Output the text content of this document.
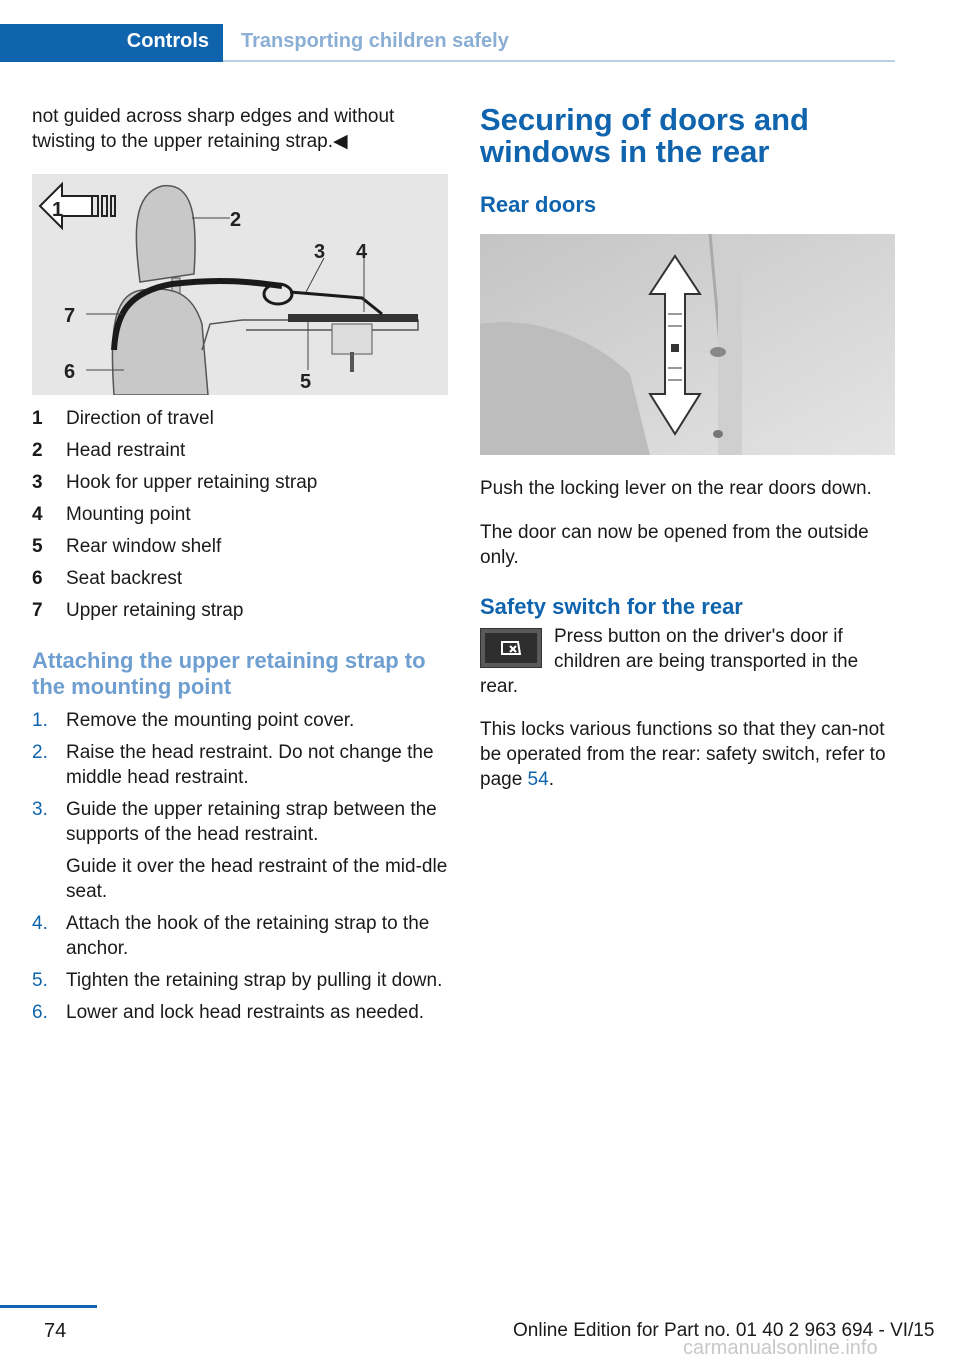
Controls	Transporting children safely

not guided across sharp edges and without twisting to the upper retaining strap.◀

1	2
3 4
5
6
7
1	Direction of travel
2	Head restraint
3	Hook for upper retaining strap
4	Mounting point
5	Rear window shelf
6	Seat backrest
7	Upper retaining strap
Attaching the upper retaining strap to the mounting point
1. Remove the mounting point cover.
2. Raise the head restraint. Do not change the middle head restraint.
3. Guide the upper retaining strap between the supports of the head restraint.

Guide it over the head restraint of the mid‐dle seat.
4. Attach the hook of the retaining strap to the anchor.
5. Tighten the retaining strap by pulling it down.
6. Lower and lock head restraints as needed.
Securing of doors and windows in the rear
Rear doors

Push the locking lever on the rear doors down.

The door can now be opened from the outside only.

Safety switch for the rear

Press button on the driver's door if children are being transported in the rear.

This locks various functions so that they can‐not be operated from the rear: safety switch, refer to page 54.

74	Online Edition for Part no. 01 40 2 963 694 - VI/15
carmanualsonline.info
